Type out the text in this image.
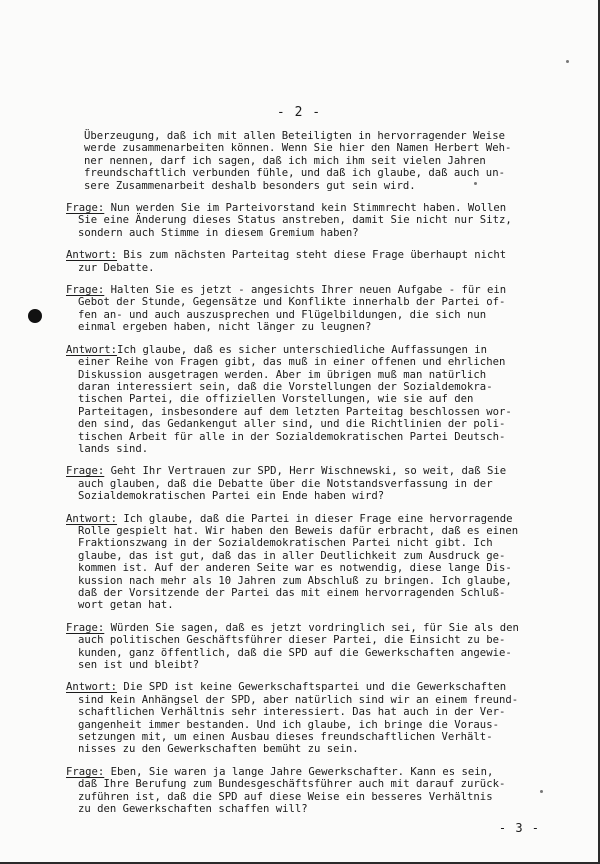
- 2 -
Überzeugung, daß ich mit allen Beteiligten in hervorragender Weise
werde zusammenarbeiten können. Wenn Sie hier den Namen Herbert Weh-
ner nennen, darf ich sagen, daß ich mich ihm seit vielen Jahren
freundschaftlich verbunden fühle, und daß ich glaube, daß auch un-
sere Zusammenarbeit deshalb besonders gut sein wird.
Frage: Nun werden Sie im Parteivorstand kein Stimmrecht haben. Wollen
Sie eine Änderung dieses Status anstreben, damit Sie nicht nur Sitz,
sondern auch Stimme in diesem Gremium haben?
Antwort: Bis zum nächsten Parteitag steht diese Frage überhaupt nicht
zur Debatte.
Frage: Halten Sie es jetzt - angesichts Ihrer neuen Aufgabe - für ein
Gebot der Stunde, Gegensätze und Konflikte innerhalb der Partei of-
fen an- und auch auszusprechen und Flügelbildungen, die sich nun
einmal ergeben haben, nicht länger zu leugnen?
Antwort:Ich glaube, daß es sicher unterschiedliche Auffassungen in
einer Reihe von Fragen gibt, das muß in einer offenen und ehrlichen
Diskussion ausgetragen werden. Aber im übrigen muß man natürlich
daran interessiert sein, daß die Vorstellungen der Sozialdemokra-
tischen Partei, die offiziellen Vorstellungen, wie sie auf den
Parteitagen, insbesondere auf dem letzten Parteitag beschlossen wor-
den sind, das Gedankengut aller sind, und die Richtlinien der poli-
tischen Arbeit für alle in der Sozialdemokratischen Partei Deutsch-
lands sind.
Frage: Geht Ihr Vertrauen zur SPD, Herr Wischnewski, so weit, daß Sie
auch glauben, daß die Debatte über die Notstandsverfassung in der
Sozialdemokratischen Partei ein Ende haben wird?
Antwort: Ich glaube, daß die Partei in dieser Frage eine hervorragende
Rolle gespielt hat. Wir haben den Beweis dafür erbracht, daß es einen
Fraktionszwang in der Sozialdemokratischen Partei nicht gibt. Ich
glaube, das ist gut, daß das in aller Deutlichkeit zum Ausdruck ge-
kommen ist. Auf der anderen Seite war es notwendig, diese lange Dis-
kussion nach mehr als 10 Jahren zum Abschluß zu bringen. Ich glaube,
daß der Vorsitzende der Partei das mit einem hervorragenden Schluß-
wort getan hat.
Frage: Würden Sie sagen, daß es jetzt vordringlich sei, für Sie als den
auch politischen Geschäftsführer dieser Partei, die Einsicht zu be-
kunden, ganz öffentlich, daß die SPD auf die Gewerkschaften angewie-
sen ist und bleibt?
Antwort: Die SPD ist keine Gewerkschaftspartei und die Gewerkschaften
sind kein Anhängsel der SPD, aber natürlich sind wir an einem freund-
schaftlichen Verhältnis sehr interessiert. Das hat auch in der Ver-
gangenheit immer bestanden. Und ich glaube, ich bringe die Voraus-
setzungen mit, um einen Ausbau dieses freundschaftlichen Verhält-
nisses zu den Gewerkschaften bemüht zu sein.
Frage: Eben, Sie waren ja lange Jahre Gewerkschafter. Kann es sein,
daß Ihre Berufung zum Bundesgeschäftsführer auch mit darauf zurück-
zuführen ist, daß die SPD auf diese Weise ein besseres Verhältnis
zu den Gewerkschaften schaffen will?
- 3 -
